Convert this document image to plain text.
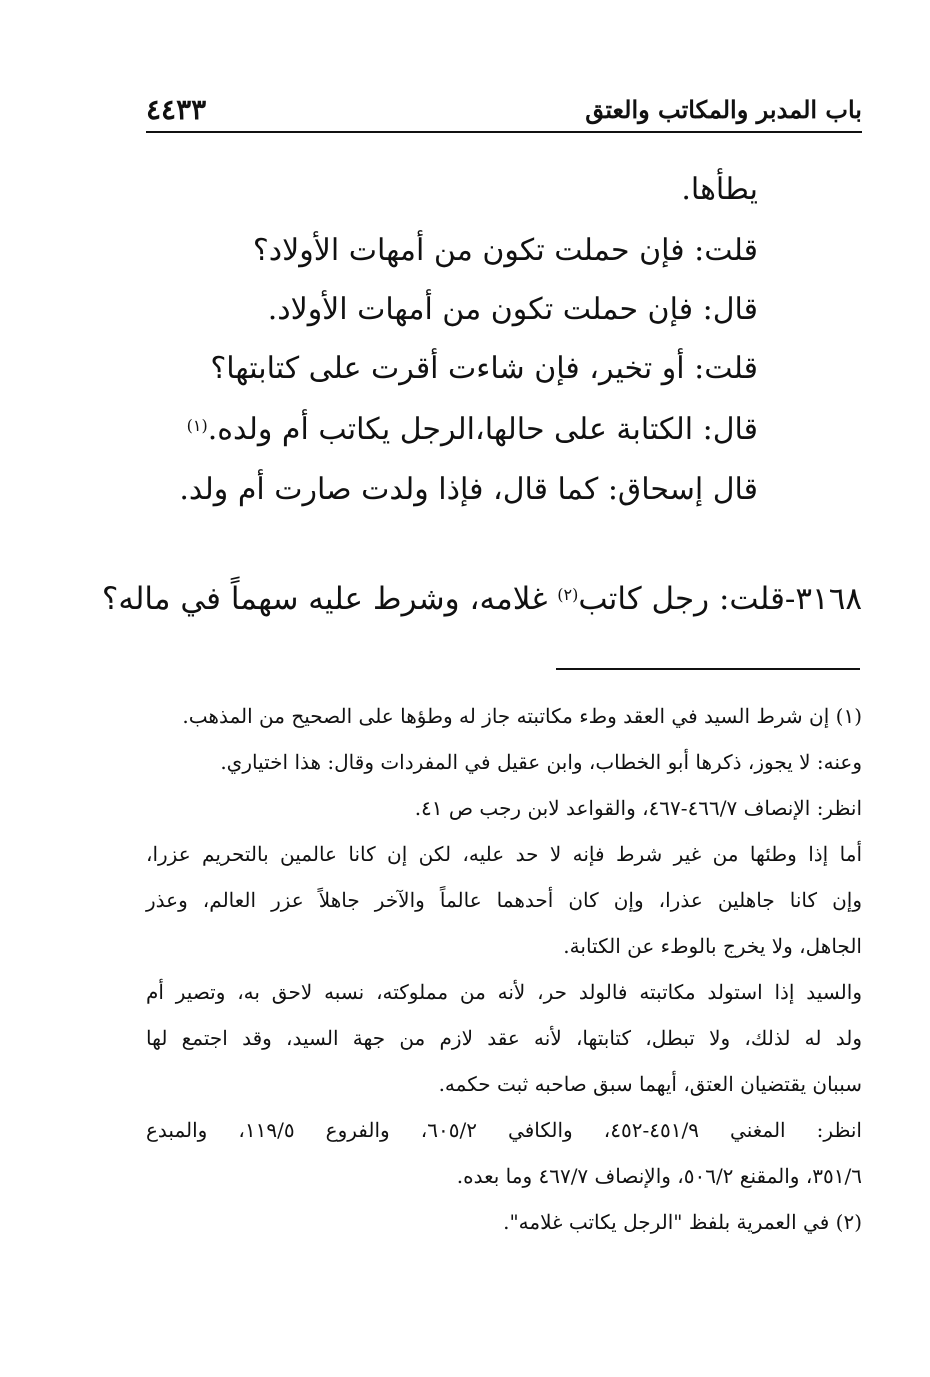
باب المدبر والمكاتب والعتق
٤٤٣٣
يطأها.
قلت: فإن حملت تكون من أمهات الأولاد؟
قال: فإن حملت تكون من أمهات الأولاد.
قلت: أو تخير، فإن شاءت أقرت على كتابتها؟
قال: الكتابة على حالها،الرجل يكاتب أم ولده.$^{(١)}$
قال إسحاق: كما قال، فإذا ولدت صارت أم ولد.
٣١٦٨-قلت: رجل كاتب$^{(٢)}$ غلامه، وشرط عليه سهماً في ماله؟
(١) إن شرط السيد في العقد وطء مكاتبته جاز له وطؤها على الصحيح من المذهب.
وعنه: لا يجوز، ذكرها أبو الخطاب، وابن عقيل في المفردات وقال: هذا اختياري.
انظر: الإنصاف ٤٦٦/٧-٤٦٧، والقواعد لابن رجب ص ٤١.
أما إذا وطئها من غير شرط فإنه لا حد عليه، لكن إن كانا عالمين بالتحريم عزرا،
وإن كانا جاهلين عذرا، وإن كان أحدهما عالماً والآخر جاهلاً عزر العالم، وعذر
الجاهل، ولا يخرج بالوطء عن الكتابة.
والسيد إذا استولد مكاتبته فالولد حر، لأنه من مملوكته، نسبه لاحق به، وتصير أم
ولد له لذلك، ولا تبطل، كتابتها، لأنه عقد لازم من جهة السيد، وقد اجتمع لها
سببان يقتضيان العتق، أيهما سبق صاحبه ثبت حكمه.
انظر: المغني ٤٥١/٩-٤٥٢، والكافي ٦٠٥/٢، والفروع ١١٩/٥، والمبدع
٣٥١/٦، والمقنع ٥٠٦/٢، والإنصاف ٤٦٧/٧ وما بعده.
(٢) في العمرية بلفظ "الرجل يكاتب غلامه".
